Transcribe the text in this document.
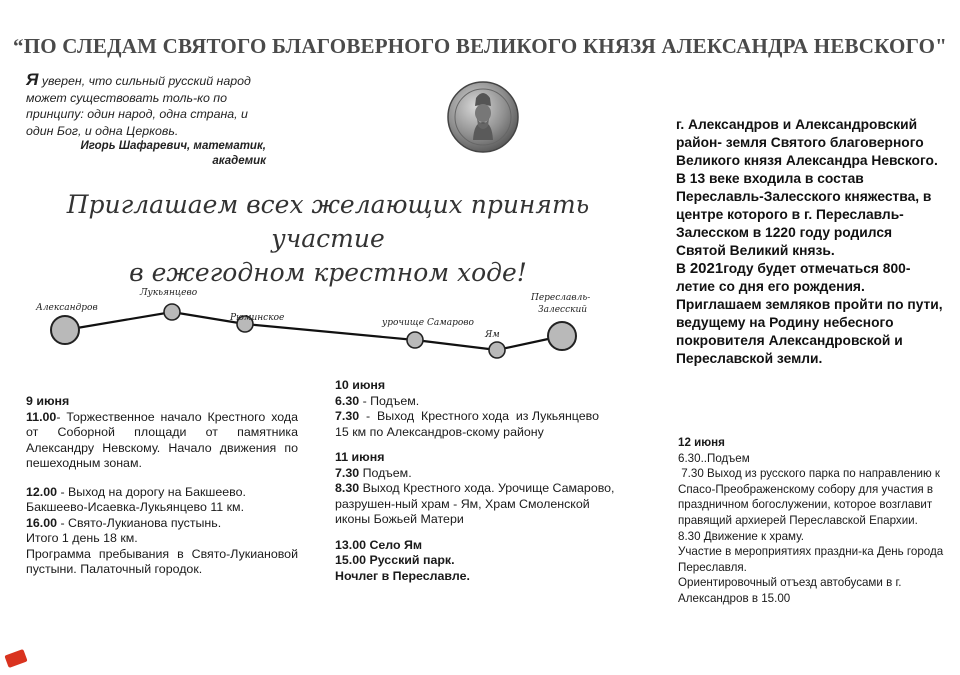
“ПО СЛЕДАМ СВЯТОГО БЛАГОВЕРНОГО ВЕЛИКОГО КНЯЗЯ АЛЕКСАНДРА НЕВСКОГО"
Я уверен, что сильный русский народ может существовать толь-ко по принципу: один народ, одна страна, и один Бог, и одна Церковь.
Игорь Шафаревич, математик, академик
Приглашаем всех желающих принять участие
в ежегодном крестном ходе!
Александров
Лукьянцево
Рюминское	урочище Самарово
Ям
Переславль-
Залесский
9 июня
11.00- Торжественное начало Крестного хода от Соборной площади от памятника Александру Невскому. Начало движения по пешеходным зонам.
12.00 - Выход на дорогу на Бакшеево.
Бакшеево-Исаевка-Лукьянцево 11 км.
16.00 - Свято-Лукианова пустынь.
Итого 1 день 18 км.
Программа пребывания в Свято-Лукиановой пустыни. Палаточный городок.
10 июня
6.30 - Подъем.
7.30  -  Выход  Крестного хода  из Лукьянцево         15 км по Александров-скому району
11 июня
7.30 Подъем.
8.30 Выход Крестного хода. Урочище Самарово, разрушен-ный храм - Ям, Храм Смоленской иконы Божьей Матери
13.00 Село Ям
15.00 Русский парк.
Ночлег в Переславле.
г. Александров и Александровский район- земля Святого благоверного Великого князя Александра Невского. В 13 веке входила в состав Переславль-Залесского княжества, в центре которого в г. Переславль-Залесском в 1220 году родился Святой Великий князь.
В 2021году будет отмечаться 800-летие со дня его рождения.
Приглашаем земляков пройти по пути, ведущему на Родину небесного покровителя Александровской и Переславской земли.
12 июня
6.30..Подъем
7.30 Выход из русского парка по направлению к Спасо-Преображенскому собору для участия в праздничном богослужении, которое возглавит правящий архиерей Переславской Епархии.
8.30 Движение к храму.
Участие в мероприятиях праздни-ка День города Переславля.
Ориентировочный отъезд автобусами в г. Александров в 15.00
